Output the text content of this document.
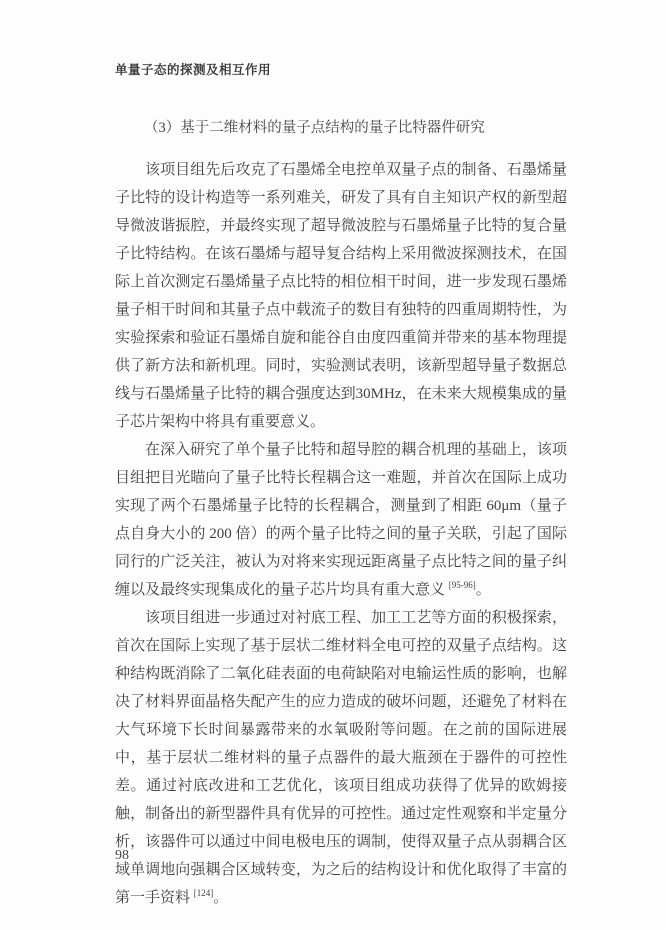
单量子态的探测及相互作用
（3）基于二维材料的量子点结构的量子比特器件研究

该项目组先后攻克了石墨烯全电控单双量子点的制备、石墨烯量子比特的设计构造等一系列难关，研发了具有自主知识产权的新型超导微波谐振腔，并最终实现了超导微波腔与石墨烯量子比特的复合量子比特结构。在该石墨烯与超导复合结构上采用微波探测技术，在国际上首次测定石墨烯量子点比特的相位相干时间，进一步发现石墨烯量子相干时间和其量子点中载流子的数目有独特的四重周期特性，为实验探索和验证石墨烯自旋和能谷自由度四重简并带来的基本物理提供了新方法和新机理。同时，实验测试表明，该新型超导量子数据总线与石墨烯量子比特的耦合强度达到30MHz，在未来大规模集成的量子芯片架构中将具有重要意义。

在深入研究了单个量子比特和超导腔的耦合机理的基础上，该项目组把目光瞄向了量子比特长程耦合这一难题，并首次在国际上成功实现了两个石墨烯量子比特的长程耦合，测量到了相距 60μm（量子点自身大小的 200 倍）的两个量子比特之间的量子关联，引起了国际同行的广泛关注，被认为对将来实现远距离量子点比特之间的量子纠缠以及最终实现集成化的量子芯片均具有重大意义 [95-96]。

该项目组进一步通过对衬底工程、加工工艺等方面的积极探索，首次在国际上实现了基于层状二维材料全电可控的双量子点结构。这种结构既消除了二氧化硅表面的电荷缺陷对电输运性质的影响，也解决了材料界面晶格失配产生的应力造成的破坏问题，还避免了材料在大气环境下长时间暴露带来的水氧吸附等问题。在之前的国际进展中，基于层状二维材料的量子点器件的最大瓶颈在于器件的可控性差。通过衬底改进和工艺优化，该项目组成功获得了优异的欧姆接触，制备出的新型器件具有优异的可控性。通过定性观察和半定量分析，该器件可以通过中间电极电压的调制，使得双量子点从弱耦合区域单调地向强耦合区域转变，为之后的结构设计和优化取得了丰富的第一手资料 [124]。

98
